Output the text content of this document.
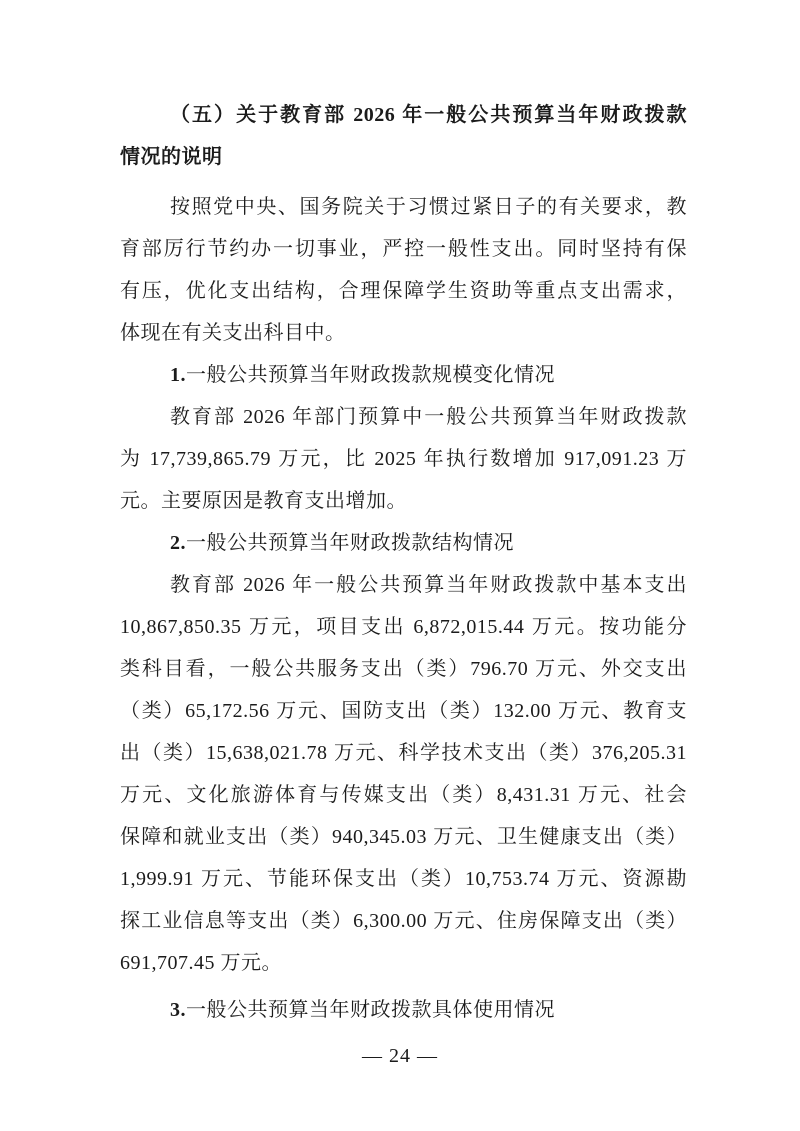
（五）关于教育部 2026 年一般公共预算当年财政拨款

情况的说明

按照党中央、国务院关于习惯过紧日子的有关要求，教

育部厉行节约办一切事业，严控一般性支出。同时坚持有保

有压，优化支出结构，合理保障学生资助等重点支出需求，

体现在有关支出科目中。

1.一般公共预算当年财政拨款规模变化情况

教育部 2026 年部门预算中一般公共预算当年财政拨款

为 17,739,865.79 万元，比 2025 年执行数增加 917,091.23 万

元。主要原因是教育支出增加。

2.一般公共预算当年财政拨款结构情况

教育部 2026 年一般公共预算当年财政拨款中基本支出

10,867,850.35 万元，项目支出 6,872,015.44 万元。按功能分

类科目看，一般公共服务支出（类）796.70 万元、外交支出

（类）65,172.56 万元、国防支出（类）132.00 万元、教育支

出（类）15,638,021.78 万元、科学技术支出（类）376,205.31

万元、文化旅游体育与传媒支出（类）8,431.31 万元、社会

保障和就业支出（类）940,345.03 万元、卫生健康支出（类）

1,999.91 万元、节能环保支出（类）10,753.74 万元、资源勘

探工业信息等支出（类）6,300.00 万元、住房保障支出（类）

691,707.45 万元。

3.一般公共预算当年财政拨款具体使用情况

— 24 —
